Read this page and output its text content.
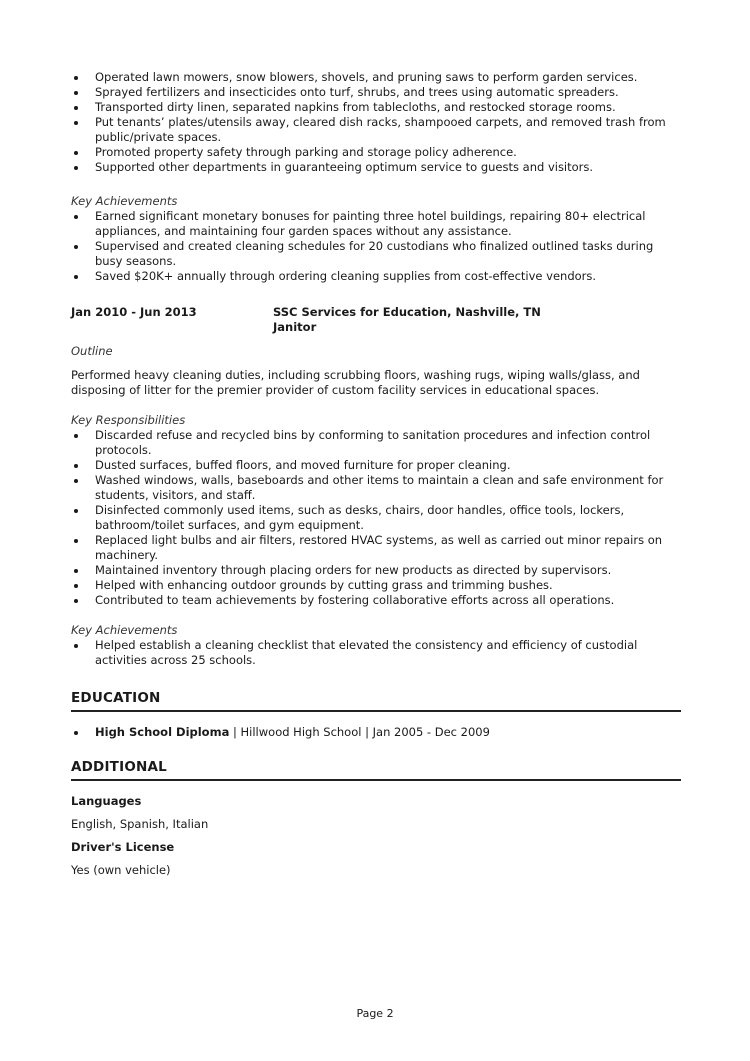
Operated lawn mowers, snow blowers, shovels, and pruning saws to perform garden services.
Sprayed fertilizers and insecticides onto turf, shrubs, and trees using automatic spreaders.
Transported dirty linen, separated napkins from tablecloths, and restocked storage rooms.
Put tenants’ plates/utensils away, cleared dish racks, shampooed carpets, and removed trash from public/private spaces.
Promoted property safety through parking and storage policy adherence.
Supported other departments in guaranteeing optimum service to guests and visitors.

Key Achievements

Earned significant monetary bonuses for painting three hotel buildings, repairing 80+ electrical appliances, and maintaining four garden spaces without any assistance.
Supervised and created cleaning schedules for 20 custodians who finalized outlined tasks during busy seasons.
Saved $20K+ annually through ordering cleaning supplies from cost-effective vendors.
Jan 2010 - Jun 2013	SSC Services for Education, Nashville, TN
Janitor

Outline

Performed heavy cleaning duties, including scrubbing floors, washing rugs, wiping walls/glass, and disposing of litter for the premier provider of custom facility services in educational spaces.

Key Responsibilities

Discarded refuse and recycled bins by conforming to sanitation procedures and infection control protocols.
Dusted surfaces, buffed floors, and moved furniture for proper cleaning.
Washed windows, walls, baseboards and other items to maintain a clean and safe environment for students, visitors, and staff.
Disinfected commonly used items, such as desks, chairs, door handles, office tools, lockers, bathroom/toilet surfaces, and gym equipment.
Replaced light bulbs and air filters, restored HVAC systems, as well as carried out minor repairs on machinery.
Maintained inventory through placing orders for new products as directed by supervisors.
Helped with enhancing outdoor grounds by cutting grass and trimming bushes.
Contributed to team achievements by fostering collaborative efforts across all operations.

Key Achievements

Helped establish a cleaning checklist that elevated the consistency and efficiency of custodial activities across 25 schools.
EDUCATION
High School Diploma | Hillwood High School | Jan 2005 - Dec 2009
ADDITIONAL

Languages

English, Spanish, Italian

Driver's License

Yes (own vehicle)

Page 2
